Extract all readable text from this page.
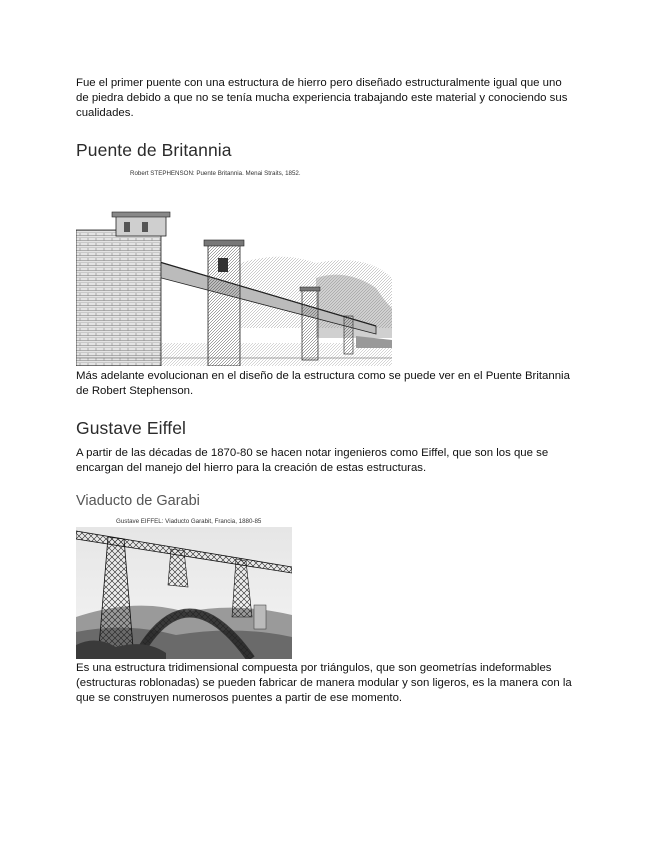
Fue el primer puente con una estructura de hierro pero diseñado estructuralmente igual que uno de piedra debido a que no se tenía mucha experiencia trabajando este material y conociendo sus cualidades.

Puente de Britannia
Robert STEPHENSON: Puente Britannia. Menai Straits, 1852.

Más adelante evolucionan en el diseño de la estructura como se puede ver en el Puente Britannia de Robert Stephenson.

Gustave Eiffel

A partir de las décadas de 1870-80 se hacen notar ingenieros como Eiffel, que son los que se encargan del manejo del hierro para la creación de estas estructuras.

Viaducto de Garabi
Gustave EIFFEL: Viaducto Garabit, Francia, 1880-85

Es una estructura tridimensional compuesta por triángulos, que son geometrías indeformables (estructuras roblonadas) se pueden fabricar de manera modular y son ligeros, es la manera con la que se construyen numerosos puentes a partir de ese momento.
